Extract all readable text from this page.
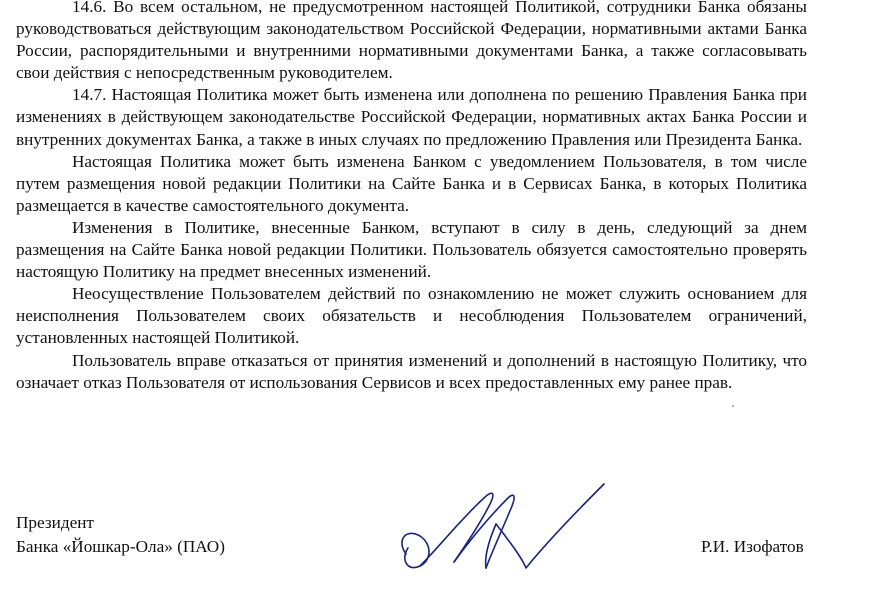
14.6. Во всем остальном, не предусмотренном настоящей Политикой, сотрудники Банка обязаны руководствоваться действующим законодательством Российской Федерации, нормативными актами Банка России, распорядительными и внутренними нормативными документами Банка, а также согласовывать свои действия с непосредственным руководителем.

14.7. Настоящая Политика может быть изменена или дополнена по решению Правления Банка при изменениях в действующем законодательстве Российской Федерации, нормативных актах Банка России и внутренних документах Банка, а также в иных случаях по предложению Правления или Президента Банка.

Настоящая Политика может быть изменена Банком с уведомлением Пользователя, в том числе путем размещения новой редакции Политики на Сайте Банка и в Сервисах Банка, в которых Политика размещается в качестве самостоятельного документа.

Изменения в Политике, внесенные Банком, вступают в силу в день, следующий за днем размещения на Сайте Банка новой редакции Политики. Пользователь обязуется самостоятельно проверять настоящую Политику на предмет внесенных изменений.

Неосуществление Пользователем действий по ознакомлению не может служить основанием для неисполнения Пользователем своих обязательств и несоблюдения Пользователем ограничений, установленных настоящей Политикой.

Пользователь вправе отказаться от принятия изменений и дополнений в настоящую Политику, что означает отказ Пользователя от использования Сервисов и всех предоставленных ему ранее прав.

Президент
Банка «Йошкар-Ола» (ПАО)	Р.И. Изофатов
